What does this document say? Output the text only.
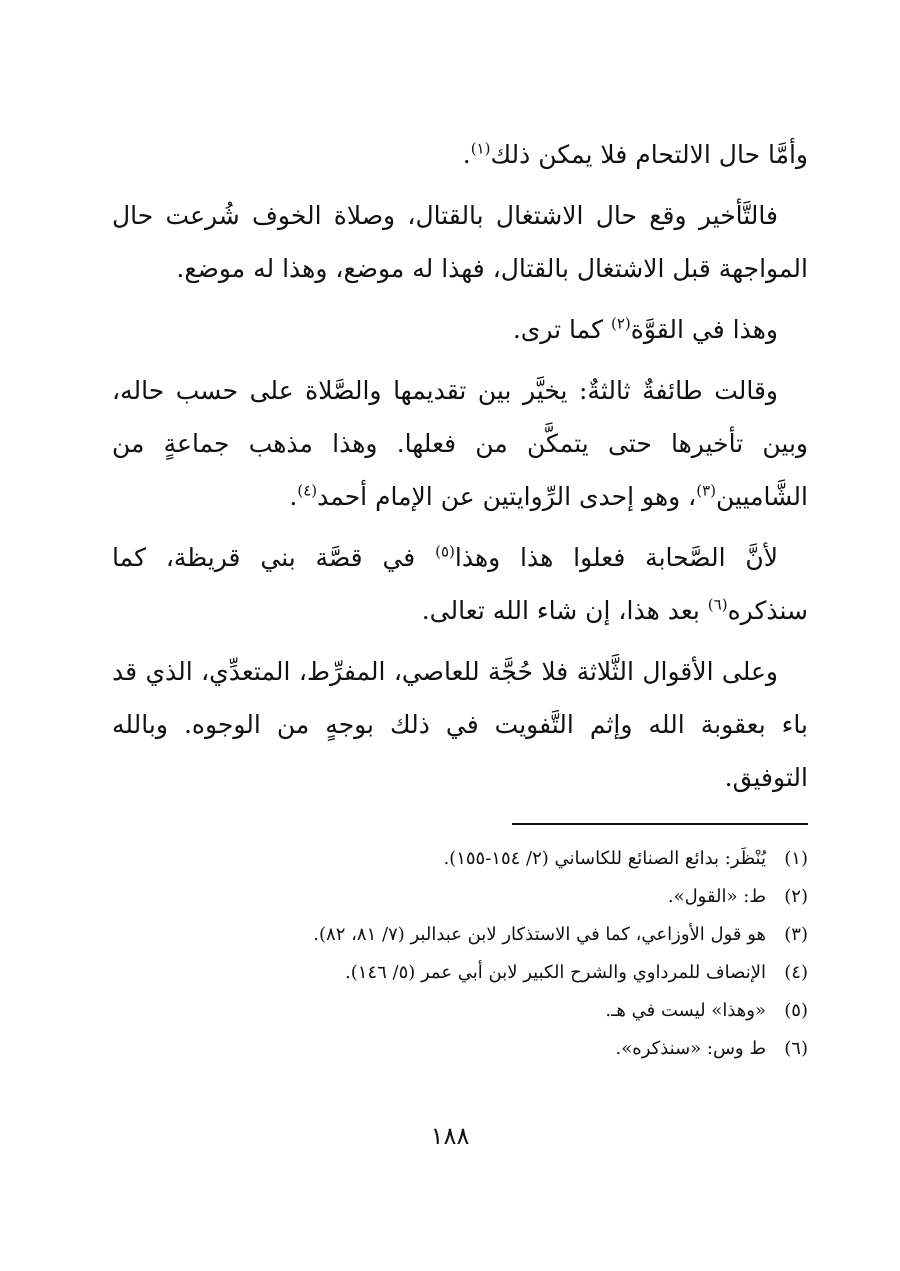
وأمَّا حال الالتحام فلا يمكن ذلك$^{(١)}$.

فالتَّأخير وقع حال الاشتغال بالقتال، وصلاة الخوف شُرعت حال المواجهة قبل الاشتغال بالقتال، فهذا له موضع، وهذا له موضع.

وهذا في القوَّة$^{(٢)}$ كما ترى.

وقالت طائفةٌ ثالثةٌ: يخيَّر بين تقديمها والصَّلاة على حسب حاله، وبين تأخيرها حتى يتمكَّن من فعلها. وهذا مذهب جماعةٍ من الشَّاميين$^{(٣)}$، وهو إحدى الرِّوايتين عن الإمام أحمد$^{(٤)}$.

لأنَّ الصَّحابة فعلوا هذا وهذا$^{(٥)}$ في قصَّة بني قريظة، كما سنذكره$^{(٦)}$ بعد هذا، إن شاء الله تعالى.

وعلى الأقوال الثَّلاثة فلا حُجَّة للعاصي، المفرِّط، المتعدِّي، الذي قد باء بعقوبة الله وإثم التَّفويت في ذلك بوجهٍ من الوجوه. وبالله التوفيق.

(١)
يُنْظَر: بدائع الصنائع للكاساني (٢/ ١٥٤-١٥٥).
(٢)
ط: «القول».
(٣)
هو قول الأوزاعي، كما في الاستذكار لابن عبدالبر (٧/ ٨١، ٨٢).
(٤)
الإنصاف للمرداوي والشرح الكبير لابن أبي عمر (٥/ ١٤٦).
(٥)
«وهذا» ليست في هـ.
(٦)
ط وس: «سنذكره».
١٨٨
